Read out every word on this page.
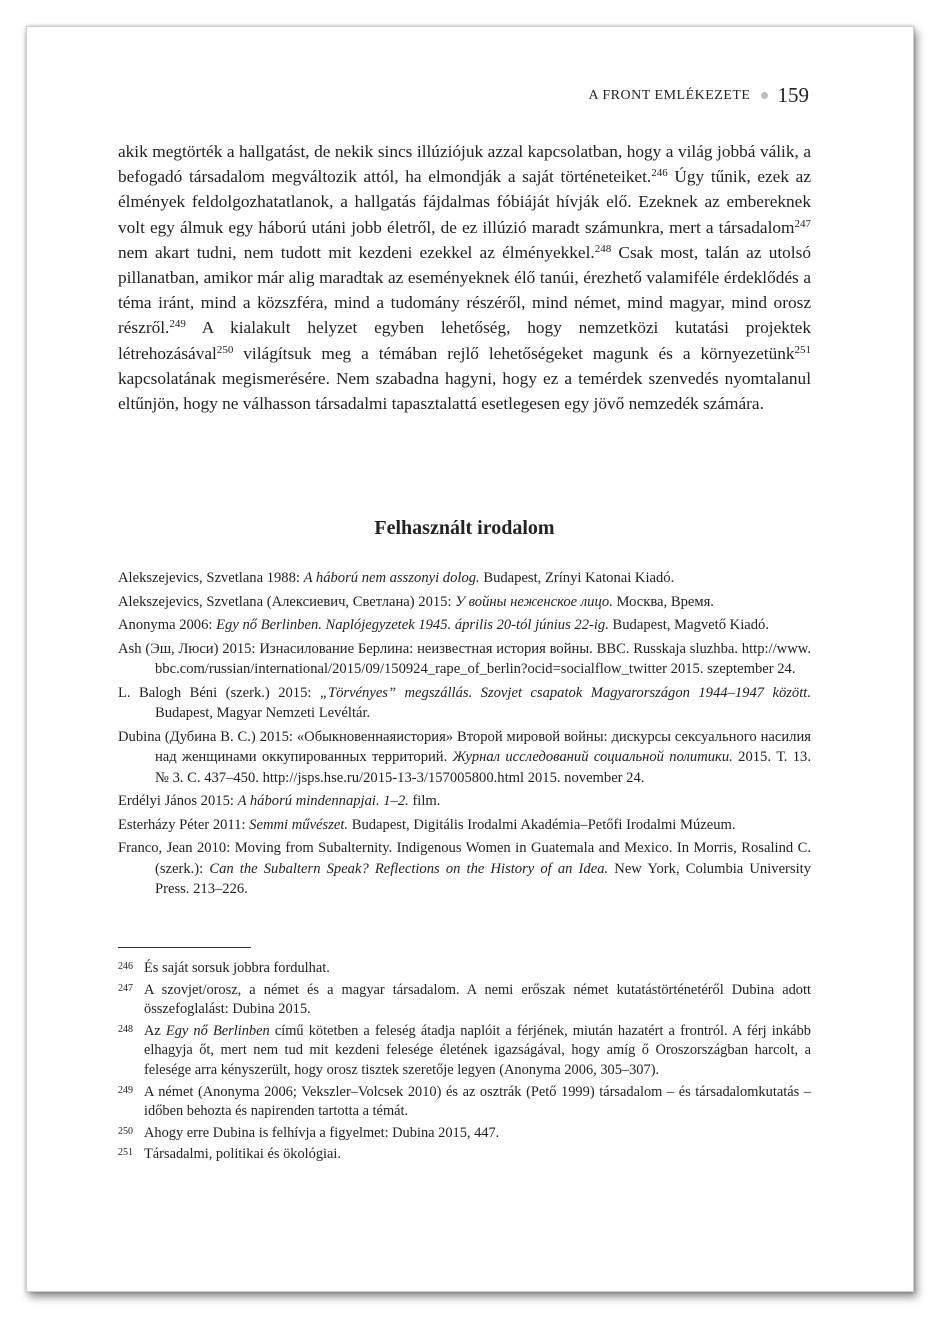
A FRONT EMLÉKEZETE 159

akik megtörték a hallgatást, de nekik sincs illúziójuk azzal kapcsolatban, hogy a világ jobbá válik, a befogadó társadalom megváltozik attól, ha elmondják a saját történeteiket.$^{246}$ Úgy tűnik, ezek az élmények feldolgozhatatlanok, a hallgatás fájdalmas fóbiáját hívják elő. Ezeknek az embereknek volt egy álmuk egy háború utáni jobb életről, de ez illúzió maradt számunkra, mert a társadalom$^{247}$ nem akart tudni, nem tudott mit kezdeni ezekkel az élményekkel.$^{248}$ Csak most, talán az utolsó pillanatban, amikor már alig maradtak az eseményeknek élő tanúi, érezhető valamiféle érdeklődés a téma iránt, mind a közszféra, mind a tudomány részéről, mind német, mind magyar, mind orosz részről.$^{249}$ A kialakult helyzet egyben lehetőség, hogy nemzetközi kutatási projektek létrehozásával$^{250}$ világítsuk meg a témában rejlő lehetőségeket magunk és a környezetünk$^{251}$ kapcsolatának megismerésére. Nem szabadna hagyni, hogy ez a temérdek szenvedés nyomtalanul eltűnjön, hogy ne válhasson társadalmi tapasztalattá esetlegesen egy jövő nemzedék számára.

Felhasznált irodalom
Alekszejevics, Szvetlana 1988: A háború nem asszonyi dolog. Budapest, Zrínyi Katonai Kiadó.
Alekszejevics, Szvetlana (Алексиевич, Светлана) 2015: У войны неженское лицо. Москва, Время.
Anonyma 2006: Egy nő Berlinben. Naplójegyzetek 1945. április 20-tól június 22-ig. Budapest, Magvető Kiadó.
Ash (Эш, Люси) 2015: Изнасилование Берлина: неизвестная история войны. BBC. Russkaja sluzhba. http://www.bbc.com/russian/international/2015/09/150924_rape_of_berlin?ocid=socialflow_twitter 2015. szeptember 24.
L. Balogh Béni (szerk.) 2015: „Törvényes” megszállás. Szovjet csapatok Magyarországon 1944–1947 között. Budapest, Magyar Nemzeti Levéltár.
Dubina (Дубина В. С.) 2015: «Обыкновеннаяистория» Второй мировой войны: дискурсы сексуального насилия над женщинами оккупированных территорий. Журнал исследований социальной политики. 2015. Т. 13. № 3. С. 437–450. http://jsps.hse.ru/2015-13-3/157005800.html 2015. november 24.
Erdélyi János 2015: A háború mindennapjai. 1–2. film.
Esterházy Péter 2011: Semmi művészet. Budapest, Digitális Irodalmi Akadémia–Petőfi Irodalmi Múzeum.
Franco, Jean 2010: Moving from Subalternity. Indigenous Women in Guatemala and Mexico. In Morris, Rosalind C. (szerk.): Can the Subaltern Speak? Reflections on the History of an Idea. New York, Columbia University Press. 213–226.
246 És saját sorsuk jobbra fordulhat.
247 A szovjet/orosz, a német és a magyar társadalom. A nemi erőszak német kutatástörténetéről Dubina adott összefoglalást: Dubina 2015.
248 Az Egy nő Berlinben című kötetben a feleség átadja naplóit a férjének, miután hazatért a frontról. A férj inkább elhagyja őt, mert nem tud mit kezdeni felesége életének igazságával, hogy amíg ő Oroszországban harcolt, a felesége arra kényszerült, hogy orosz tisztek szeretője legyen (Anonyma 2006, 305–307).
249 A német (Anonyma 2006; Vekszler–Volcsek 2010) és az osztrák (Pető 1999) társadalom – és társadalomkutatás – időben behozta és napirenden tartotta a témát.
250 Ahogy erre Dubina is felhívja a figyelmet: Dubina 2015, 447.
251 Társadalmi, politikai és ökológiai.
